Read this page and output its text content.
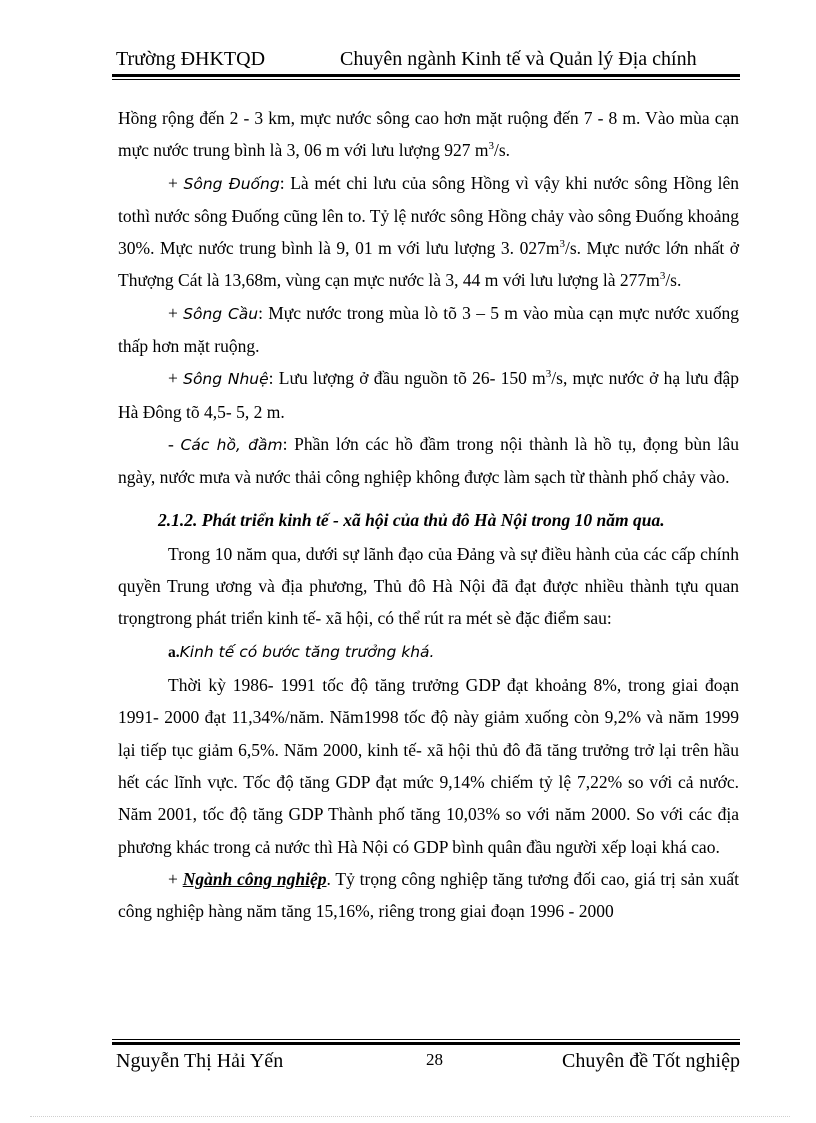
Trường ĐHKTQD	Chuyên ngành Kinh tế và Quản lý Địa chính

Hồng rộng đến 2 - 3 km, mực nước sông cao hơn mặt ruộng đến 7 - 8 m. Vào mùa cạn mực nước trung bình là 3, 06 m với lưu lượng 927 $m^3/s$.

+ Sông Đuống: Là mét chi lưu của sông Hồng vì vậy khi nước sông Hồng lên tothì nước sông Đuống cũng lên to. Tỷ lệ nước sông Hồng chảy vào sông Đuống khoảng 30%. Mực nước trung bình là 9, 01 m với lưu lượng 3. $027m^3/s$. Mực nước lớn nhất ở Thượng Cát là 13,68m, vùng cạn mực nước là 3, 44 m với lưu lượng là $277m^3/s$.

+ Sông Cầu: Mực nước trong mùa lò tõ 3 – 5 m vào mùa cạn mực nước xuống thấp hơn mặt ruộng.

+ Sông Nhuệ: Lưu lượng ở đầu nguồn tõ 26- 150 $m^3/s$, mực nước ở hạ lưu đập Hà Đông tõ 4,5- 5, 2 m.

- Các hồ, đầm: Phần lớn các hồ đầm trong nội thành là hồ tụ, đọng bùn lâu ngày, nước mưa và nước thải công nghiệp không được làm sạch từ thành phố chảy vào.

2.1.2. Phát triển kinh tế - xã hội của thủ đô Hà Nội trong 10 năm qua.

Trong 10 năm qua, dưới sự lãnh đạo của Đảng và sự điều hành của các cấp chính quyền Trung ương và địa phương, Thủ đô Hà Nội đã đạt được nhiều thành tựu quan trọngtrong phát triển kinh tế- xã hội, có thể rút ra mét sè đặc điểm sau:

a.Kinh tế có bước tăng trưởng khá.

Thời kỳ 1986- 1991 tốc độ tăng trưởng GDP đạt khoảng 8%, trong giai đoạn 1991- 2000 đạt 11,34%/năm. Năm1998 tốc độ này giảm xuống còn 9,2% và năm 1999 lại tiếp tục giảm 6,5%. Năm 2000, kinh tế- xã hội thủ đô đã tăng trưởng trở lại trên hầu hết các lĩnh vực. Tốc độ tăng GDP đạt mức 9,14% chiếm tỷ lệ 7,22% so với cả nước. Năm 2001, tốc độ tăng GDP Thành phố tăng 10,03% so với năm 2000. So với các địa phương khác trong cả nước thì Hà Nội có GDP bình quân đầu người xếp loại khá cao.

+ Ngành công nghiệp. Tỷ trọng công nghiệp tăng tương đối cao, giá trị sản xuất công nghiệp hàng năm tăng 15,16%, riêng trong giai đoạn 1996 - 2000

Nguyễn Thị Hải Yến	28	Chuyên đề Tốt nghiệp
